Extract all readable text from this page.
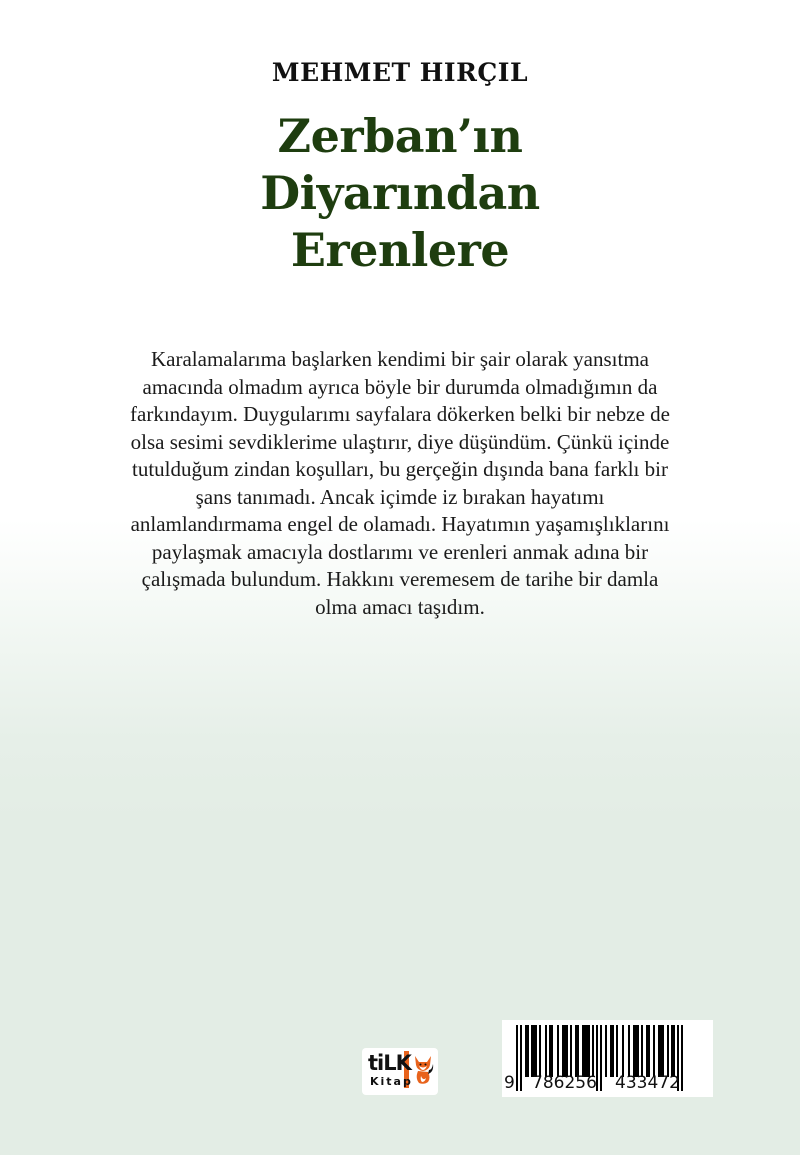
MEHMET HIRÇIL
Zerban’ın
Diyarından
Erenlere
Karalamalarıma başlarken kendimi bir şair olarak yansıtma
amacında olmadım ayrıca böyle bir durumda olmadığımın da
farkındayım. Duygularımı sayfalara dökerken belki bir nebze de
olsa sesimi sevdiklerime ulaştırır, diye düşündüm. Çünkü içinde
tutulduğum zindan koşulları, bu gerçeğin dışında bana farklı bir
şans tanımadı. Ancak içimde iz bırakan hayatımı
anlamlandırmama engel de olamadı. Hayatımın yaşamışlıklarını
paylaşmak amacıyla dostlarımı ve erenleri anmak adına bir
çalışmada bulundum. Hakkını veremesem de tarihe bir damla
olma amacı taşıdım.
tiLK
Kitap	9 786256 433472
